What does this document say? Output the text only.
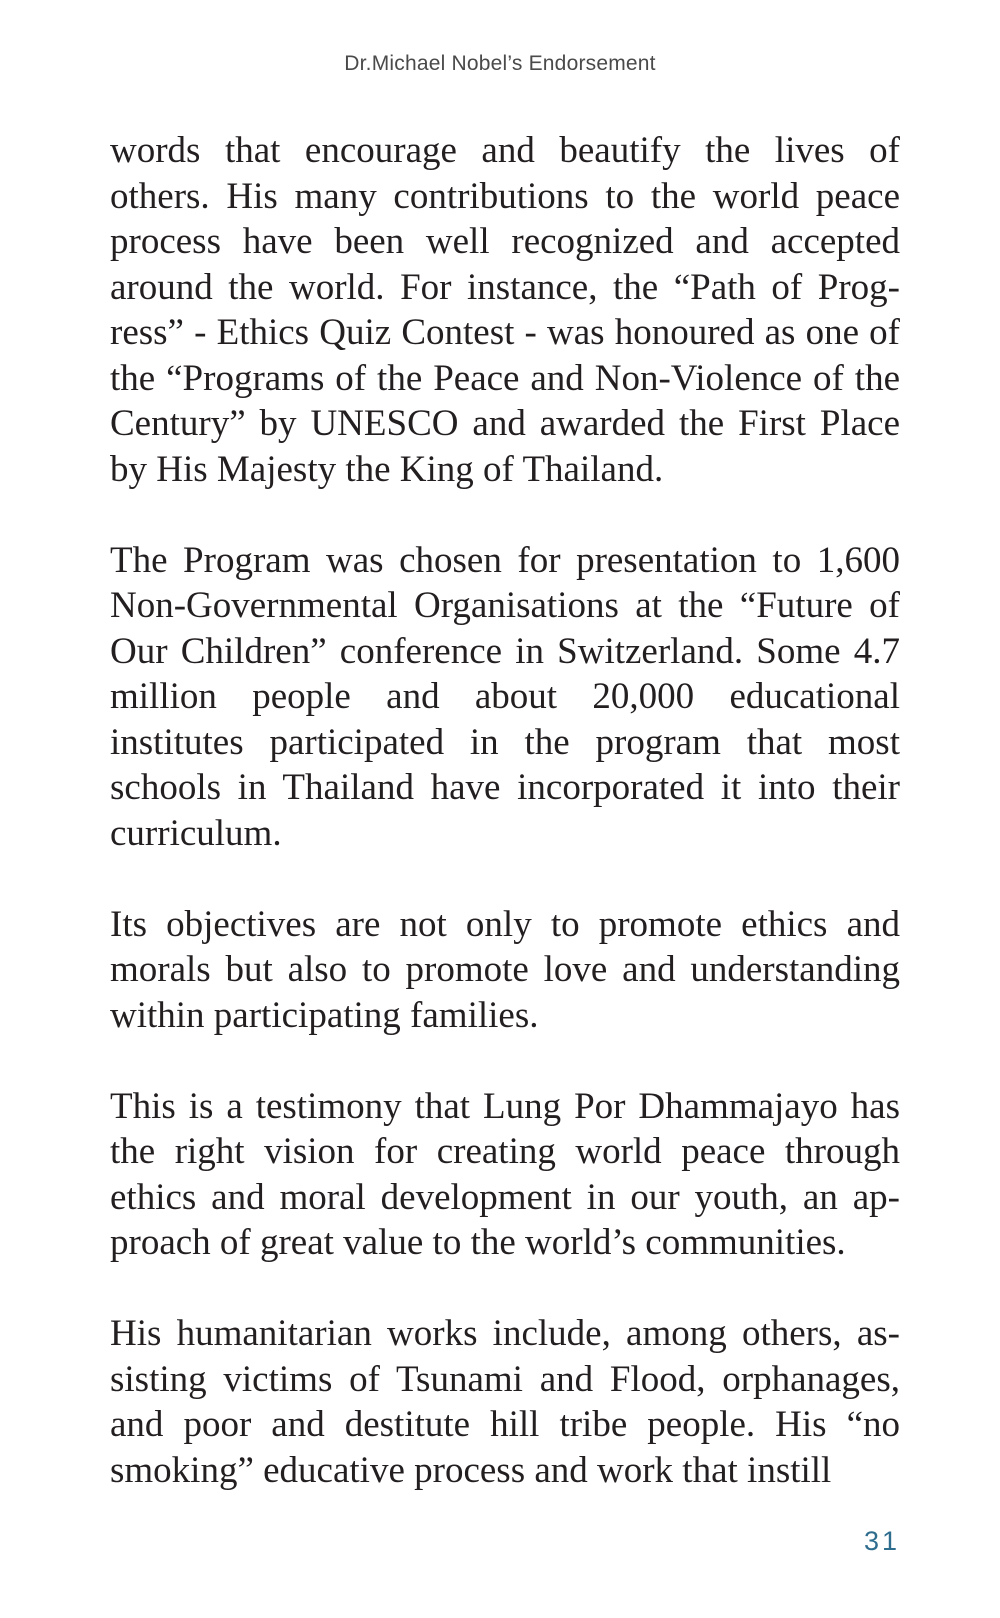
Dr.Michael Nobel’s Endorsement

words that encourage and beautify the lives of others. His many contributions to the world peace process have been well recognized and accepted around the world. For instance, the “Path of Progress” - Ethics Quiz Contest - was honoured as one of the “Programs of the Peace and Non-Violence of the Century” by UNESCO and awarded the First Place by His Majesty the King of Thailand.

The Program was chosen for presentation to 1,600 Non-Governmental Organisations at the “Future of Our Children” conference in Switzerland. Some 4.7 million people and about 20,000 educational institutes participated in the program that most schools in Thailand have incorporated it into their curriculum.

Its objectives are not only to promote ethics and morals but also to promote love and understanding within participating families.

This is a testimony that Lung Por Dhammajayo has the right vision for creating world peace through ethics and moral development in our youth, an approach of great value to the world’s communities.

His humanitarian works include, among others, assisting victims of Tsunami and Flood, orphanages, and poor and destitute hill tribe people. His “no smoking” educative process and work that instill

31
